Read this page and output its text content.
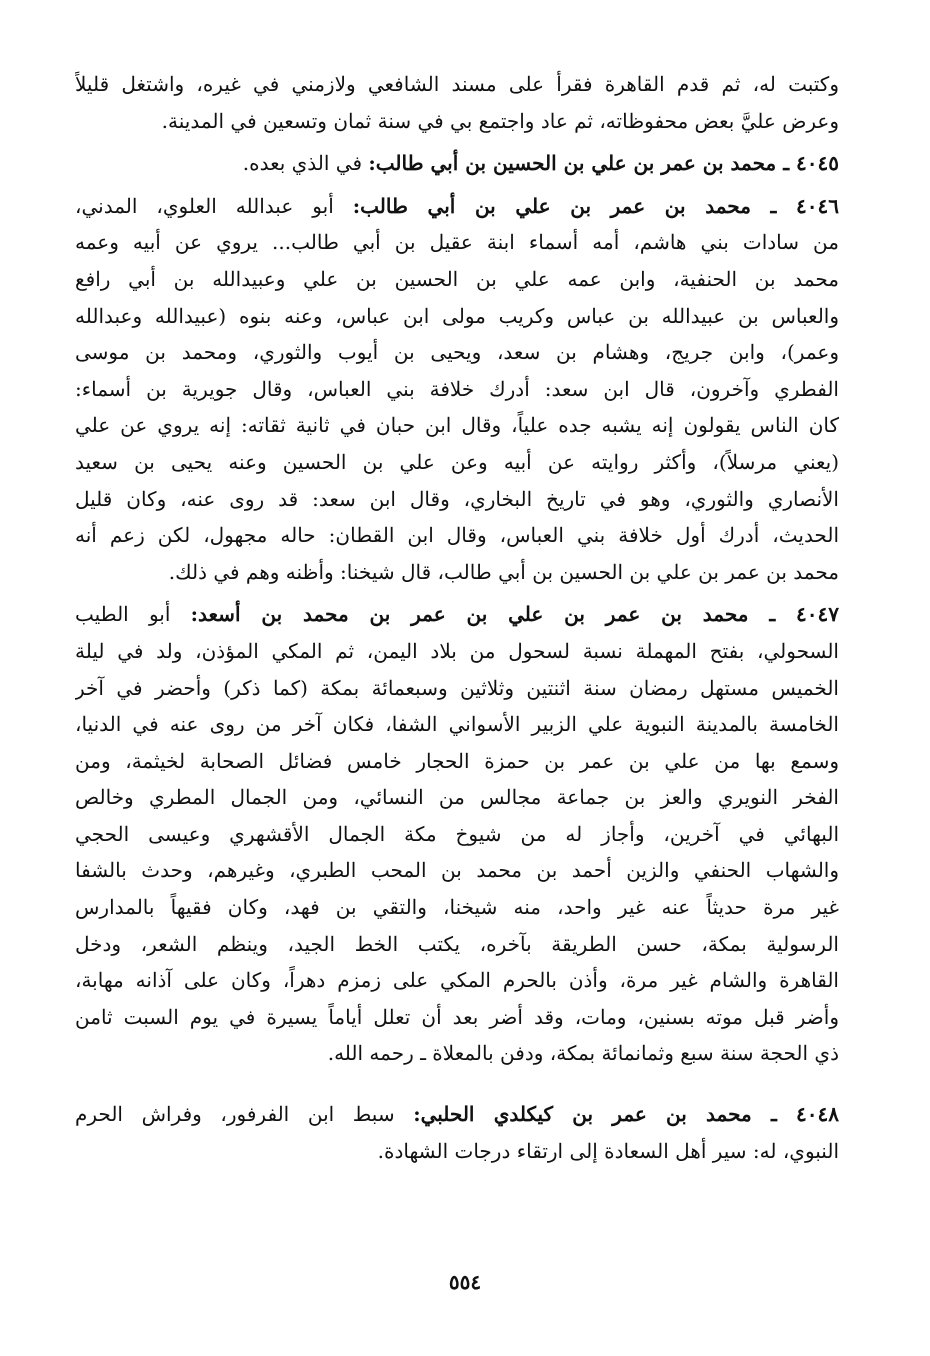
وكتبت له، ثم قدم القاهرة فقرأ على مسند الشافعي ولازمني في غيره، واشتغل قليلاً
وعرض عليَّ بعض محفوظاته، ثم عاد واجتمع بي في سنة ثمان وتسعين في المدينة.
٤٠٤٥ ـ محمد بن عمر بن علي بن الحسين بن أبي طالب: في الذي بعده.
٤٠٤٦ ـ محمد بن عمر بن علي بن أبي طالب: أبو عبدالله العلوي، المدني،
من سادات بني هاشم، أمه أسماء ابنة عقيل بن أبي طالب... يروي عن أبيه وعمه
محمد بن الحنفية، وابن عمه علي بن الحسين بن علي وعبيدالله بن أبي رافع
والعباس بن عبيدالله بن عباس وكريب مولى ابن عباس، وعنه بنوه (عبيدالله وعبدالله
وعمر)، وابن جريج، وهشام بن سعد، ويحيى بن أيوب والثوري، ومحمد بن موسى
الفطري وآخرون، قال ابن سعد: أدرك خلافة بني العباس، وقال جويرية بن أسماء:
كان الناس يقولون إنه يشبه جده علياً، وقال ابن حبان في ثانية ثقاته: إنه يروي عن علي
(يعني مرسلاً)، وأكثر روايته عن أبيه وعن علي بن الحسين وعنه يحيى بن سعيد
الأنصاري والثوري، وهو في تاريخ البخاري، وقال ابن سعد: قد روى عنه، وكان قليل
الحديث، أدرك أول خلافة بني العباس، وقال ابن القطان: حاله مجهول، لكن زعم أنه
محمد بن عمر بن علي بن الحسين بن أبي طالب، قال شيخنا: وأظنه وهم في ذلك.
٤٠٤٧ ـ محمد بن عمر بن علي بن عمر بن محمد بن أسعد: أبو الطيب
السحولي، بفتح المهملة نسبة لسحول من بلاد اليمن، ثم المكي المؤذن، ولد في ليلة
الخميس مستهل رمضان سنة اثنتين وثلاثين وسبعمائة بمكة (كما ذكر) وأحضر في آخر
الخامسة بالمدينة النبوية علي الزبير الأسواني الشفا، فكان آخر من روى عنه في الدنيا،
وسمع بها من علي بن عمر بن حمزة الحجار خامس فضائل الصحابة لخيثمة، ومن
الفخر النويري والعز بن جماعة مجالس من النسائي، ومن الجمال المطري وخالص
البهائي في آخرين، وأجاز له من شيوخ مكة الجمال الأقشهري وعيسى الحجي
والشهاب الحنفي والزين أحمد بن محمد بن المحب الطبري، وغيرهم، وحدث بالشفا
غير مرة حديثاً عنه غير واحد، منه شيخنا، والتقي بن فهد، وكان فقيهاً بالمدارس
الرسولية بمكة، حسن الطريقة بآخره، يكتب الخط الجيد، وينظم الشعر، ودخل
القاهرة والشام غير مرة، وأذن بالحرم المكي على زمزم دهراً، وكان على آذانه مهابة،
وأضر قبل موته بسنين، ومات، وقد أضر بعد أن تعلل أياماً يسيرة في يوم السبت ثامن
ذي الحجة سنة سبع وثمانمائة بمكة، ودفن بالمعلاة ـ رحمه الله.
٤٠٤٨ ـ محمد بن عمر بن كيكلدي الحلبي: سبط ابن الفرفور، وفراش الحرم
النبوي، له: سير أهل السعادة إلى ارتقاء درجات الشهادة.
٥٥٤
